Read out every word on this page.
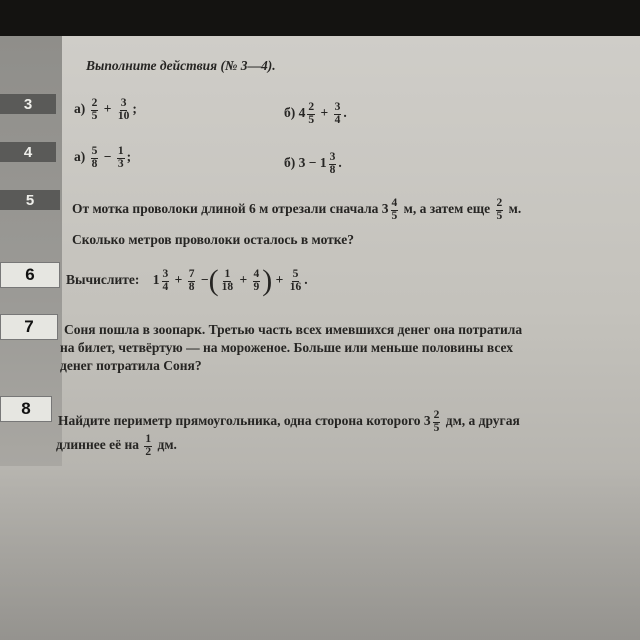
Выполните действия (№ 3—4).
3	$а) \frac{2}{5} + \frac{3}{10}$ ;	б) $4 \frac{2}{5} + \frac{3}{4}$ .
4	$а) \frac{5}{8} - \frac{1}{3}$ ;	б) $3 - 1 \frac{3}{8}$ .
5
От мотка проволоки длиной 6 м отрезали сначала $3 \frac{4}{5} м$, а затем еще $\frac{2}{5} м$.
Сколько метров проволоки осталось в мотке?
6	Вычислите: $1 \frac{3}{4} + \frac{7}{8}$ −( $\frac{1}{18} + \frac{4}{9}$ ) + $\frac{5}{16}$ .
7	Соня пошла в зоопарк. Третью часть всех имевшихся денег она потратила
на билет, четвёртую — на мороженое. Больше или меньше половины всех
денег потратила Соня?
8
Найдите периметр прямоугольника, одна сторона которого $3 \frac{2}{5}$ дм, а другая
длиннее её на $\frac{1}{2}$ дм.
